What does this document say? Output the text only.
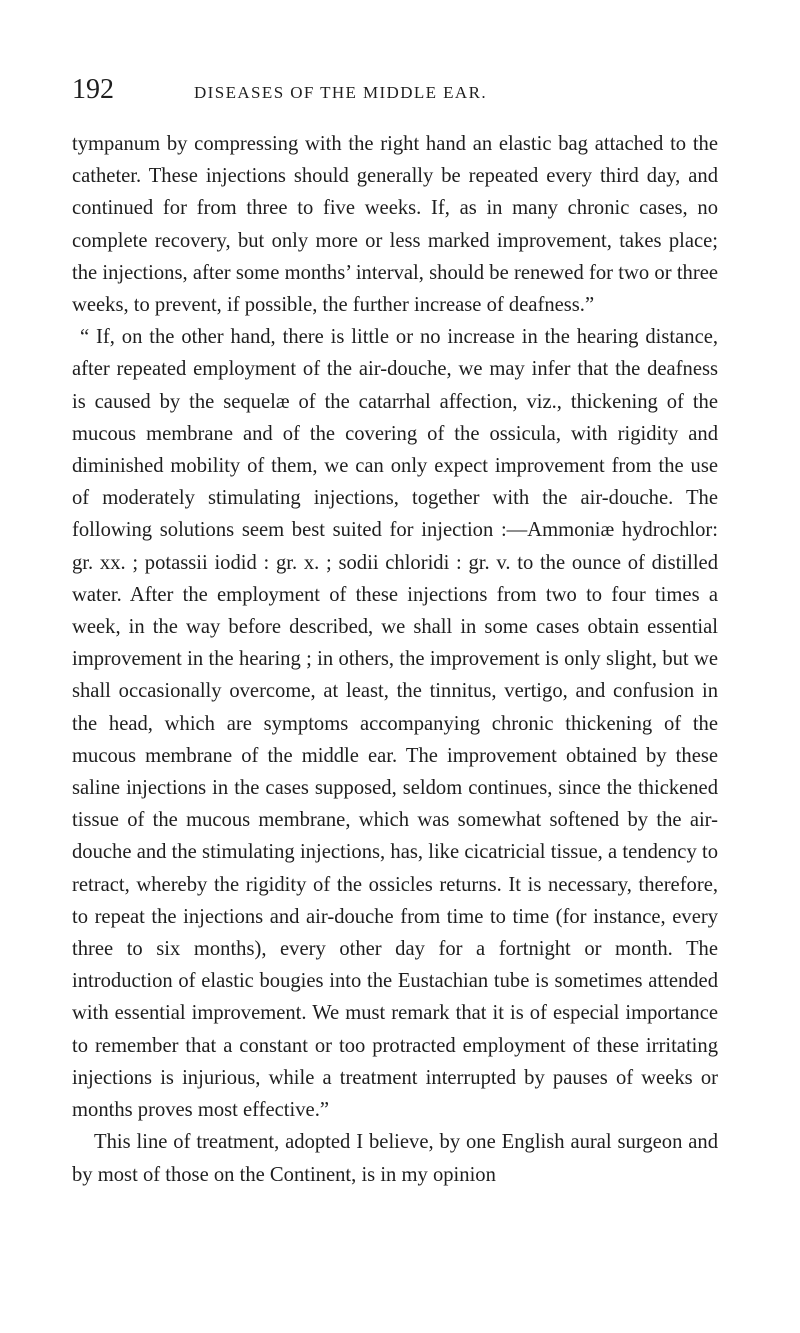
192	DISEASES OF THE MIDDLE EAR.

tympanum by compressing with the right hand an elastic bag attached to the catheter. These injections should generally be repeated every third day, and continued for from three to five weeks. If, as in many chronic cases, no complete recovery, but only more or less marked improvement, takes place; the injections, after some months’ interval, should be renewed for two or three weeks, to prevent, if possible, the further increase of deafness.”

“ If, on the other hand, there is little or no increase in the hearing distance, after repeated employment of the air-douche, we may infer that the deafness is caused by the sequelæ of the catarrhal affection, viz., thickening of the mucous membrane and of the covering of the ossicula, with rigidity and diminished mobility of them, we can only expect improvement from the use of moderately stimulating injections, together with the air-douche. The following solutions seem best suited for injection :—Ammoniæ hydrochlor: gr. xx. ; potassii iodid : gr. x. ; sodii chloridi : gr. v. to the ounce of distilled water. After the employment of these injections from two to four times a week, in the way before described, we shall in some cases obtain essential improvement in the hearing ; in others, the improvement is only slight, but we shall occasionally overcome, at least, the tinnitus, vertigo, and confusion in the head, which are symptoms accompanying chronic thickening of the mucous membrane of the middle ear. The improvement obtained by these saline injections in the cases supposed, seldom continues, since the thickened tissue of the mucous membrane, which was somewhat softened by the air-douche and the stimulating injections, has, like cicatricial tissue, a tendency to retract, whereby the rigidity of the ossicles returns. It is necessary, therefore, to repeat the injections and air-douche from time to time (for instance, every three to six months), every other day for a fortnight or month. The introduction of elastic bougies into the Eustachian tube is sometimes attended with essential improvement. We must remark that it is of especial importance to remember that a constant or too protracted employment of these irritating injections is injurious, while a treatment interrupted by pauses of weeks or months proves most effective.”

This line of treatment, adopted I believe, by one English aural surgeon and by most of those on the Continent, is in my opinion
